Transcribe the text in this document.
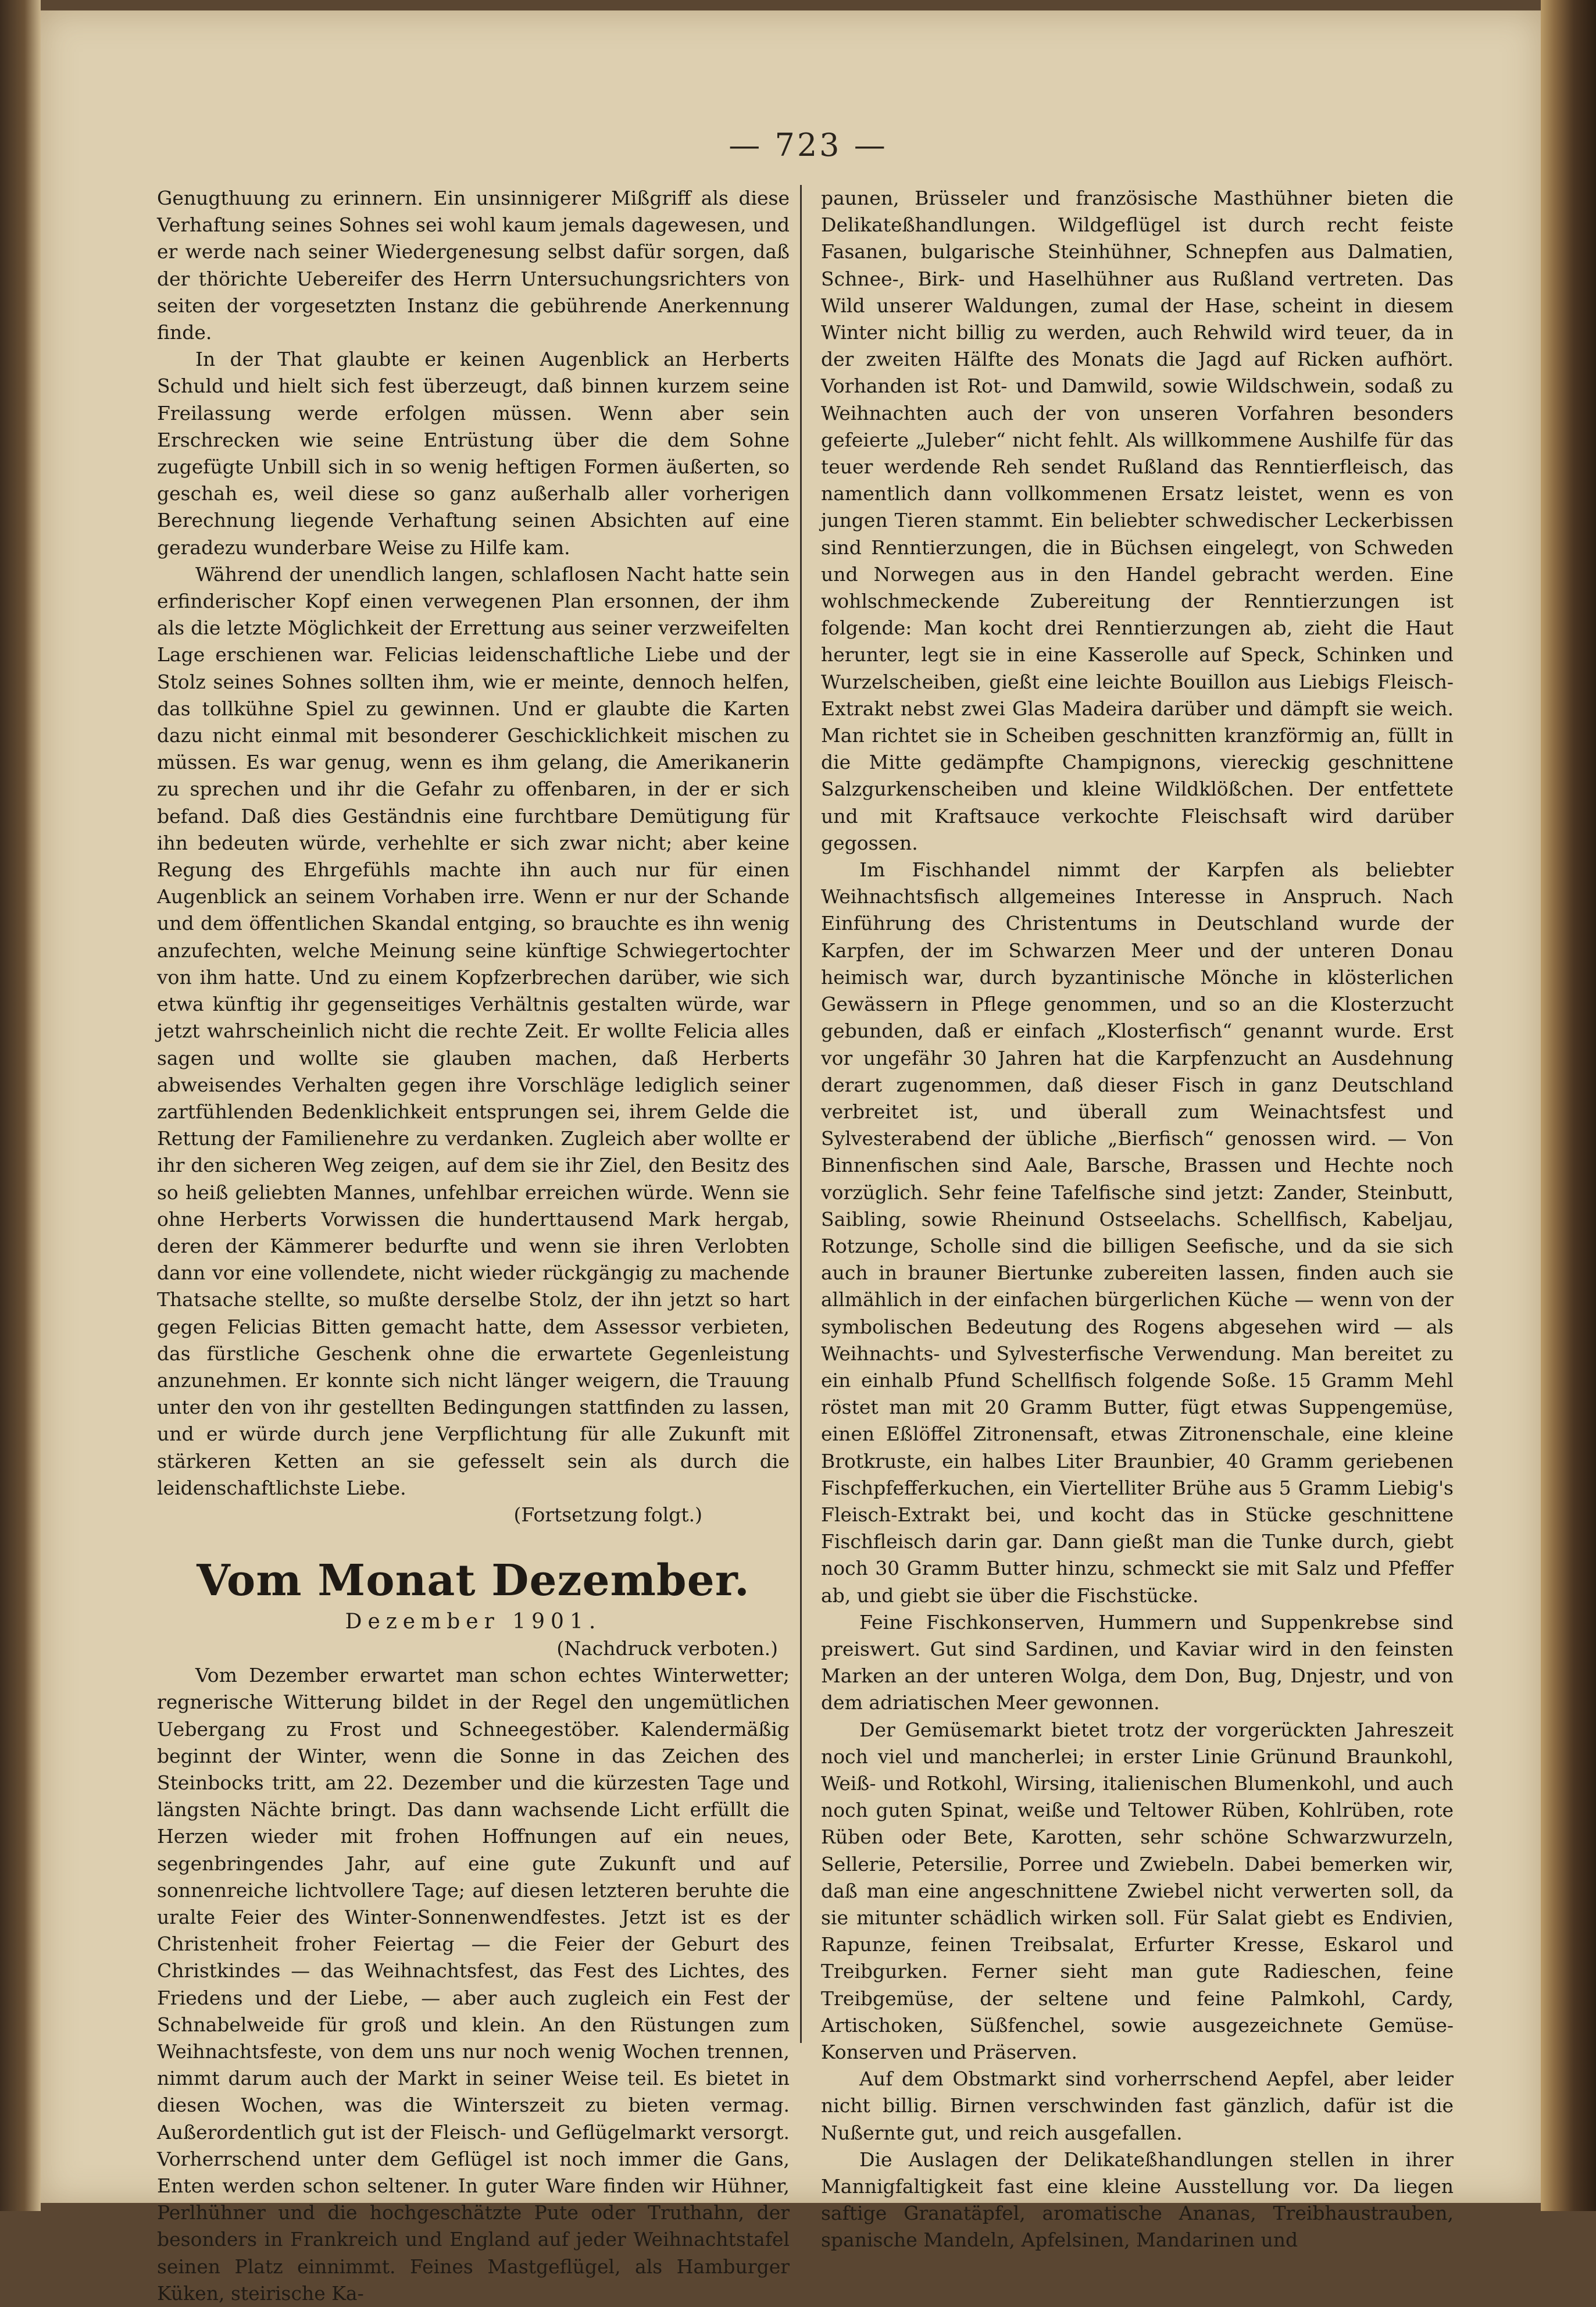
— 723 —

Genugthuung zu erinnern. Ein unsinnigerer Mißgriff als diese Verhaftung seines Sohnes sei wohl kaum jemals dagewesen, und er werde nach seiner Wiedergenesung selbst dafür sorgen, daß der thörichte Uebereifer des Herrn Untersuchungsrichters von seiten der vorgesetzten Instanz die gebührende Anerkennung finde.

In der That glaubte er keinen Augenblick an Herberts Schuld und hielt sich fest überzeugt, daß binnen kurzem seine Freilassung werde erfolgen müssen. Wenn aber sein Erschrecken wie seine Entrüstung über die dem Sohne zugefügte Unbill sich in so wenig heftigen Formen äußerten, so geschah es, weil diese so ganz außerhalb aller vorherigen Berechnung liegende Verhaftung seinen Absichten auf eine geradezu wunderbare Weise zu Hilfe kam.

Während der unendlich langen, schlaflosen Nacht hatte sein erfinderischer Kopf einen verwegenen Plan ersonnen, der ihm als die letzte Möglichkeit der Errettung aus seiner verzweifelten Lage erschienen war. Felicias leidenschaftliche Liebe und der Stolz seines Sohnes sollten ihm, wie er meinte, dennoch helfen, das tollkühne Spiel zu gewinnen. Und er glaubte die Karten dazu nicht einmal mit besonderer Geschicklichkeit mischen zu müssen. Es war genug, wenn es ihm gelang, die Amerikanerin zu sprechen und ihr die Gefahr zu offenbaren, in der er sich befand. Daß dies Geständnis eine furchtbare Demütigung für ihn bedeuten würde, verhehlte er sich zwar nicht; aber keine Regung des Ehrgefühls machte ihn auch nur für einen Augenblick an seinem Vorhaben irre. Wenn er nur der Schande und dem öffentlichen Skandal entging, so brauchte es ihn wenig anzufechten, welche Meinung seine künftige Schwiegertochter von ihm hatte. Und zu einem Kopfzerbrechen darüber, wie sich etwa künftig ihr gegenseitiges Verhältnis gestalten würde, war jetzt wahrscheinlich nicht die rechte Zeit. Er wollte Felicia alles sagen und wollte sie glauben machen, daß Herberts abweisendes Verhalten gegen ihre Vorschläge lediglich seiner zartfühlenden Bedenklichkeit entsprungen sei, ihrem Gelde die Rettung der Familienehre zu verdanken. Zugleich aber wollte er ihr den sicheren Weg zeigen, auf dem sie ihr Ziel, den Besitz des so heiß geliebten Mannes, unfehlbar erreichen würde. Wenn sie ohne Herberts Vorwissen die hunderttausend Mark hergab, deren der Kämmerer bedurfte und wenn sie ihren Verlobten dann vor eine vollendete, nicht wieder rückgängig zu machende Thatsache stellte, so mußte derselbe Stolz, der ihn jetzt so hart gegen Felicias Bitten gemacht hatte, dem Assessor verbieten, das fürstliche Geschenk ohne die erwartete Gegenleistung anzunehmen. Er konnte sich nicht länger weigern, die Trauung unter den von ihr gestellten Bedingungen stattfinden zu lassen, und er würde durch jene Verpflichtung für alle Zukunft mit stärkeren Ketten an sie gefesselt sein als durch die leidenschaftlichste Liebe.

(Fortsetzung folgt.)

Vom Monat Dezember.
Dezember 1901.
(Nachdruck verboten.)

Vom Dezember erwartet man schon echtes Winterwetter; regnerische Witterung bildet in der Regel den ungemütlichen Uebergang zu Frost und Schneegestöber. Kalendermäßig beginnt der Winter, wenn die Sonne in das Zeichen des Steinbocks tritt, am 22. Dezember und die kürzesten Tage und längsten Nächte bringt. Das dann wachsende Licht erfüllt die Herzen wieder mit frohen Hoffnungen auf ein neues, segenbringendes Jahr, auf eine gute Zukunft und auf sonnenreiche lichtvollere Tage; auf diesen letzteren beruhte die uralte Feier des Winter-Sonnenwendfestes. Jetzt ist es der Christenheit froher Feiertag — die Feier der Geburt des Christkindes — das Weihnachtsfest, das Fest des Lichtes, des Friedens und der Liebe, — aber auch zugleich ein Fest der Schnabelweide für groß und klein. An den Rüstungen zum Weihnachtsfeste, von dem uns nur noch wenig Wochen trennen, nimmt darum auch der Markt in seiner Weise teil. Es bietet in diesen Wochen, was die Winterszeit zu bieten vermag. Außerordentlich gut ist der Fleisch- und Geflügelmarkt versorgt. Vorherrschend unter dem Geflügel ist noch immer die Gans, Enten werden schon seltener. In guter Ware finden wir Hühner, Perlhühner und die hochgeschätzte Pute oder Truthahn, der besonders in Frankreich und England auf jeder Weihnachtstafel seinen Platz einnimmt. Feines Mastgeflügel, als Hamburger Küken, steirische Ka-

paunen, Brüsseler und französische Masthühner bieten die Delikateßhandlungen. Wildgeflügel ist durch recht feiste Fasanen, bulgarische Steinhühner, Schnepfen aus Dalmatien, Schnee-, Birk- und Haselhühner aus Rußland vertreten. Das Wild unserer Waldungen, zumal der Hase, scheint in diesem Winter nicht billig zu werden, auch Rehwild wird teuer, da in der zweiten Hälfte des Monats die Jagd auf Ricken aufhört. Vorhanden ist Rot- und Damwild, sowie Wildschwein, sodaß zu Weihnachten auch der von unseren Vorfahren besonders gefeierte „Juleber“ nicht fehlt. Als willkommene Aushilfe für das teuer werdende Reh sendet Rußland das Renntierfleisch, das namentlich dann vollkommenen Ersatz leistet, wenn es von jungen Tieren stammt. Ein beliebter schwedischer Leckerbissen sind Renntierzungen, die in Büchsen eingelegt, von Schweden und Norwegen aus in den Handel gebracht werden. Eine wohlschmeckende Zubereitung der Renntierzungen ist folgende: Man kocht drei Renntierzungen ab, zieht die Haut herunter, legt sie in eine Kasserolle auf Speck, Schinken und Wurzelscheiben, gießt eine leichte Bouillon aus Liebigs Fleisch-Extrakt nebst zwei Glas Madeira darüber und dämpft sie weich. Man richtet sie in Scheiben geschnitten kranzförmig an, füllt in die Mitte gedämpfte Champignons, viereckig geschnittene Salzgurkenscheiben und kleine Wildklößchen. Der entfettete und mit Kraftsauce verkochte Fleischsaft wird darüber gegossen.

Im Fischhandel nimmt der Karpfen als beliebter Weihnachtsfisch allgemeines Interesse in Anspruch. Nach Einführung des Christentums in Deutschland wurde der Karpfen, der im Schwarzen Meer und der unteren Donau heimisch war, durch byzantinische Mönche in klösterlichen Gewässern in Pflege genommen, und so an die Klosterzucht gebunden, daß er einfach „Klosterfisch“ genannt wurde. Erst vor ungefähr 30 Jahren hat die Karpfenzucht an Ausdehnung derart zugenommen, daß dieser Fisch in ganz Deutschland verbreitet ist, und überall zum Weinachtsfest und Sylvesterabend der übliche „Bierfisch“ genossen wird. — Von Binnenfischen sind Aale, Barsche, Brassen und Hechte noch vorzüglich. Sehr feine Tafelfische sind jetzt: Zander, Steinbutt, Saibling, sowie Rheinund Ostseelachs. Schellfisch, Kabeljau, Rotzunge, Scholle sind die billigen Seefische, und da sie sich auch in brauner Biertunke zubereiten lassen, finden auch sie allmählich in der einfachen bürgerlichen Küche — wenn von der symbolischen Bedeutung des Rogens abgesehen wird — als Weihnachts- und Sylvesterfische Verwendung. Man bereitet zu ein einhalb Pfund Schellfisch folgende Soße. 15 Gramm Mehl röstet man mit 20 Gramm Butter, fügt etwas Suppengemüse, einen Eßlöffel Zitronensaft, etwas Zitronenschale, eine kleine Brotkruste, ein halbes Liter Braunbier, 40 Gramm geriebenen Fischpfefferkuchen, ein Viertelliter Brühe aus 5 Gramm Liebig's Fleisch-Extrakt bei, und kocht das in Stücke geschnittene Fischfleisch darin gar. Dann gießt man die Tunke durch, giebt noch 30 Gramm Butter hinzu, schmeckt sie mit Salz und Pfeffer ab, und giebt sie über die Fischstücke.

Feine Fischkonserven, Hummern und Suppenkrebse sind preiswert. Gut sind Sardinen, und Kaviar wird in den feinsten Marken an der unteren Wolga, dem Don, Bug, Dnjestr, und von dem adriatischen Meer gewonnen.

Der Gemüsemarkt bietet trotz der vorgerückten Jahreszeit noch viel und mancherlei; in erster Linie Grünund Braunkohl, Weiß- und Rotkohl, Wirsing, italienischen Blumenkohl, und auch noch guten Spinat, weiße und Teltower Rüben, Kohlrüben, rote Rüben oder Bete, Karotten, sehr schöne Schwarzwurzeln, Sellerie, Petersilie, Porree und Zwiebeln. Dabei bemerken wir, daß man eine angeschnittene Zwiebel nicht verwerten soll, da sie mitunter schädlich wirken soll. Für Salat giebt es Endivien, Rapunze, feinen Treibsalat, Erfurter Kresse, Eskarol und Treibgurken. Ferner sieht man gute Radieschen, feine Treibgemüse, der seltene und feine Palmkohl, Cardy, Artischoken, Süßfenchel, sowie ausgezeichnete Gemüse-Konserven und Präserven.

Auf dem Obstmarkt sind vorherrschend Aepfel, aber leider nicht billig. Birnen verschwinden fast gänzlich, dafür ist die Nußernte gut, und reich ausgefallen.

Die Auslagen der Delikateßhandlungen stellen in ihrer Mannigfaltigkeit fast eine kleine Ausstellung vor. Da liegen saftige Granatäpfel, aromatische Ananas, Treibhaustrauben, spanische Mandeln, Apfelsinen, Mandarinen und
